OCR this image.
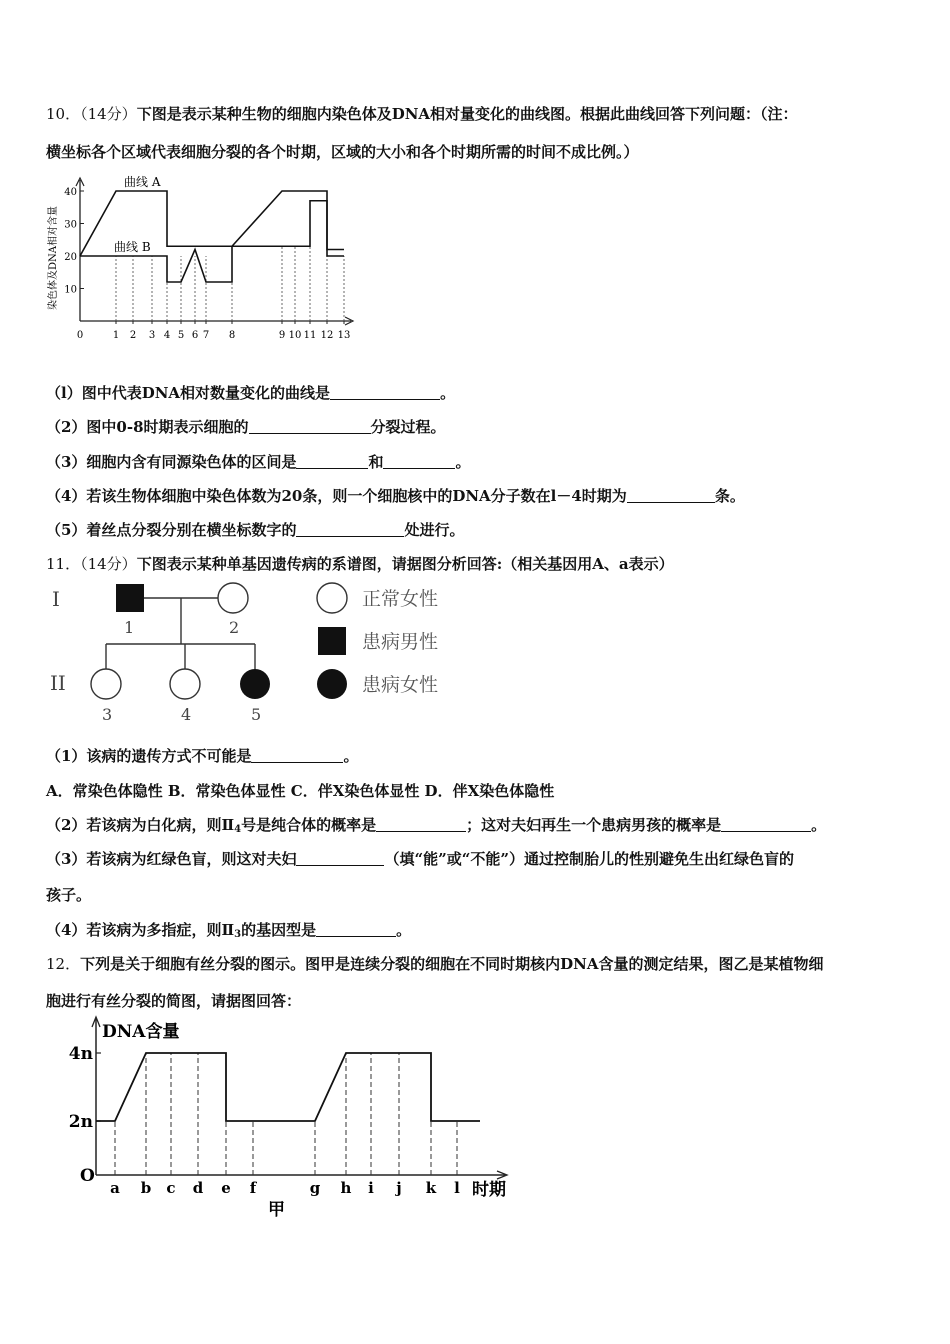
10．（14分）下图是表示某种生物的细胞内染色体及DNA相对量变化的曲线图。根据此曲线回答下列问题：（注：
横坐标各个区域代表细胞分裂的各个时期，区域的大小和各个时期所需的时间不成比例。）
10
20
30
40
0	1 2 3 4 5 6 7 8	9 10 11 12 13
染色体及DNA相对含量
曲线 A
曲线 B
（l）图中代表DNA相对数量变化的曲线是	。
（2）图中0-8时期表示细胞的	分裂过程。
（3）细胞内含有同源染色体的区间是	和	。
（4）若该生物体细胞中染色体数为20条，则一个细胞核中的DNA分子数在l－4时期为	条。
（5）着丝点分裂分别在横坐标数字的	处进行。
11．（14分）下图表示某种单基因遗传病的系谱图，请据图分析回答:（相关基因用A、a表示）
I
II
1	2
3	4	5
正常女性
患病男性
患病女性
（1）该病的遗传方式不可能是	。
A．常染色体隐性 B．常染色体显性 C．伴X染色体显性 D．伴X染色体隐性
（2）若该病为白化病，则$Ⅱ_4$号是纯合体的概率是	；这对夫妇再生一个患病男孩的概率是	。
（3）若该病为红绿色盲，则这对夫妇	（填“能”或“不能”）通过控制胎儿的性别避免生出红绿色盲的
孩子。
（4）若该病为多指症，则$Ⅱ_3$的基因型是	。
12．下列是关于细胞有丝分裂的图示。图甲是连续分裂的细胞在不同时期核内DNA含量的测定结果，图乙是某植物细
胞进行有丝分裂的简图，请据图回答：
O
2n
4n
a b c d e f	g h i j k l
DNA含量
时期
甲
